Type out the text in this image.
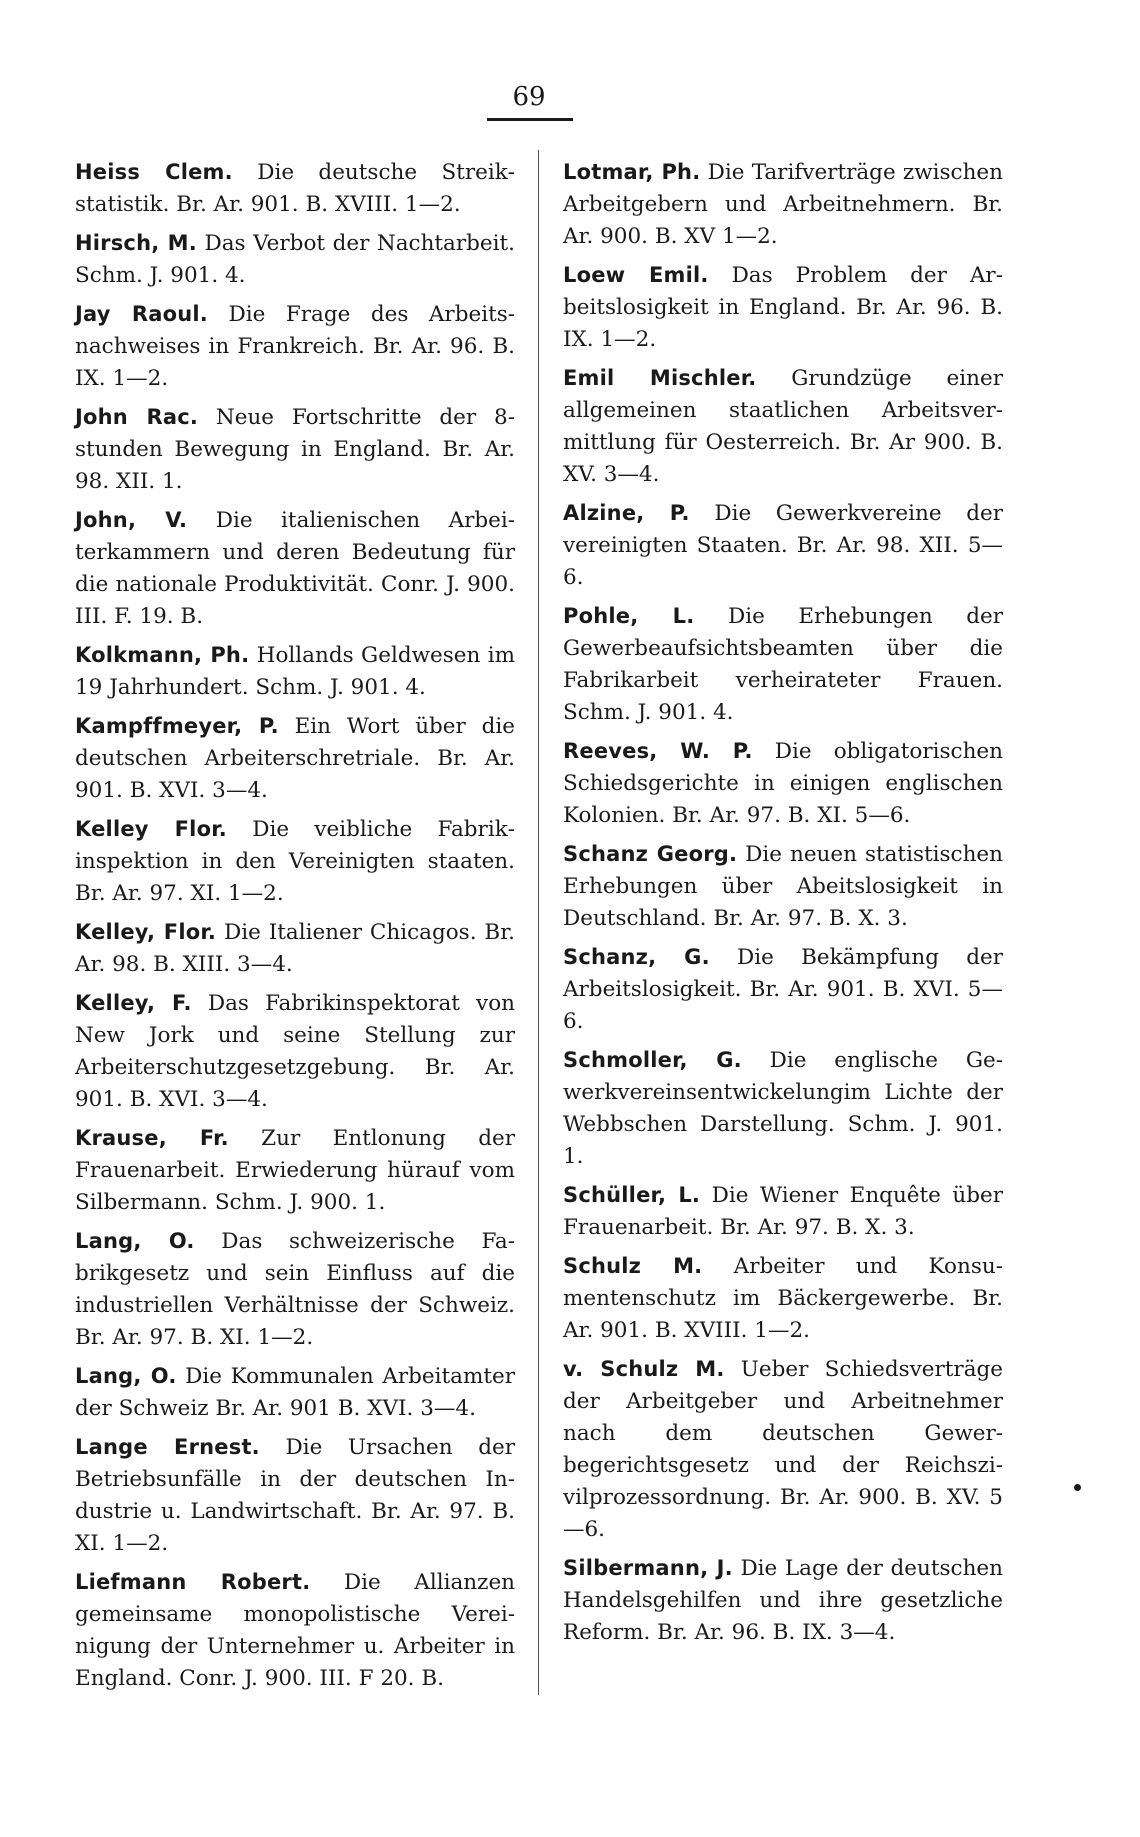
69

Heiss Clem. Die deutsche Streikstatistik. Br. Ar. 901. B. XVIII. 1—2.

Hirsch, M. Das Verbot der Nachtarbeit. Schm. J. 901. 4.

Jay Raoul. Die Frage des Arbeitsnachweises in Frankreich. Br. Ar. 96. B. IX. 1—2.

John Rac. Neue Fortschritte der 8-stunden Bewegung in England. Br. Ar. 98. XII. 1.

John, V. Die italienischen Arbeiterkammern und deren Bedeutung für die nationale Produktivität. Conr. J. 900. III. F. 19. B.

Kolkmann, Ph. Hollands Geldwesen im 19 Jahrhundert. Schm. J. 901. 4.

Kampffmeyer, P. Ein Wort über die deutschen Arbeiterschretriale. Br. Ar. 901. B. XVI. 3—4.

Kelley Flor. Die veibliche Fabrikinspektion in den Vereinigten staaten. Br. Ar. 97. XI. 1—2.

Kelley, Flor. Die Italiener Chicagos. Br. Ar. 98. B. XIII. 3—4.

Kelley, F. Das Fabrikinspektorat von New Jork und seine Stellung zur Arbeiterschutzgesetzgebung. Br. Ar. 901. B. XVI. 3—4.

Krause, Fr. Zur Entlonung der Frauenarbeit. Erwiederung hürauf vom Silbermann. Schm. J. 900. 1.

Lang, O. Das schweizerische Fabrikgesetz und sein Einfluss auf die industriellen Verhältnisse der Schweiz. Br. Ar. 97. B. XI. 1—2.

Lang, O. Die Kommunalen Arbeitamter der Schweiz Br. Ar. 901 B. XVI. 3—4.

Lange Ernest. Die Ursachen der Betriebsunfälle in der deutschen Industrie u. Landwirtschaft. Br. Ar. 97. B. XI. 1—2.

Liefmann Robert. Die Allianzen gemeinsame monopolistische Vereinigung der Unternehmer u. Arbeiter in England. Conr. J. 900. III. F 20. B.

Lotmar, Ph. Die Tarifverträge zwischen Arbeitgebern und Arbeitnehmern. Br. Ar. 900. B. XV 1—2.

Loew Emil. Das Problem der Arbeitslosigkeit in England. Br. Ar. 96. B. IX. 1—2.

Emil Mischler. Grundzüge einer allgemeinen staatlichen Arbeitsvermittlung für Oesterreich. Br. Ar 900. B. XV. 3—4.

Alzine, P. Die Gewerkvereine der vereinigten Staaten. Br. Ar. 98. XII. 5—6.

Pohle, L. Die Erhebungen der Gewerbeaufsichtsbeamten über die Fabrikarbeit verheirateter Frauen. Schm. J. 901. 4.

Reeves, W. P. Die obligatorischen Schiedsgerichte in einigen englischen Kolonien. Br. Ar. 97. B. XI. 5—6.

Schanz Georg. Die neuen statistischen Erhebungen über Abeitslosigkeit in Deutschland. Br. Ar. 97. B. X. 3.

Schanz, G. Die Bekämpfung der Arbeitslosigkeit. Br. Ar. 901. B. XVI. 5—6.

Schmoller, G. Die englische Gewerkvereinsentwickelungim Lichte der Webbschen Darstellung. Schm. J. 901. 1.

Schüller, L. Die Wiener Enquête über Frauenarbeit. Br. Ar. 97. B. X. 3.

Schulz M. Arbeiter und Konsumentenschutz im Bäckergewerbe. Br. Ar. 901. B. XVIII. 1—2.

v. Schulz M. Ueber Schiedsverträge der Arbeitgeber und Arbeitnehmer nach dem deutschen Gewerbegerichtsgesetz und der Reichszivilprozessordnung. Br. Ar. 900. B. XV. 5—6.

Silbermann, J. Die Lage der deutschen Handelsgehilfen und ihre gesetzliche Reform. Br. Ar. 96. B. IX. 3—4.
